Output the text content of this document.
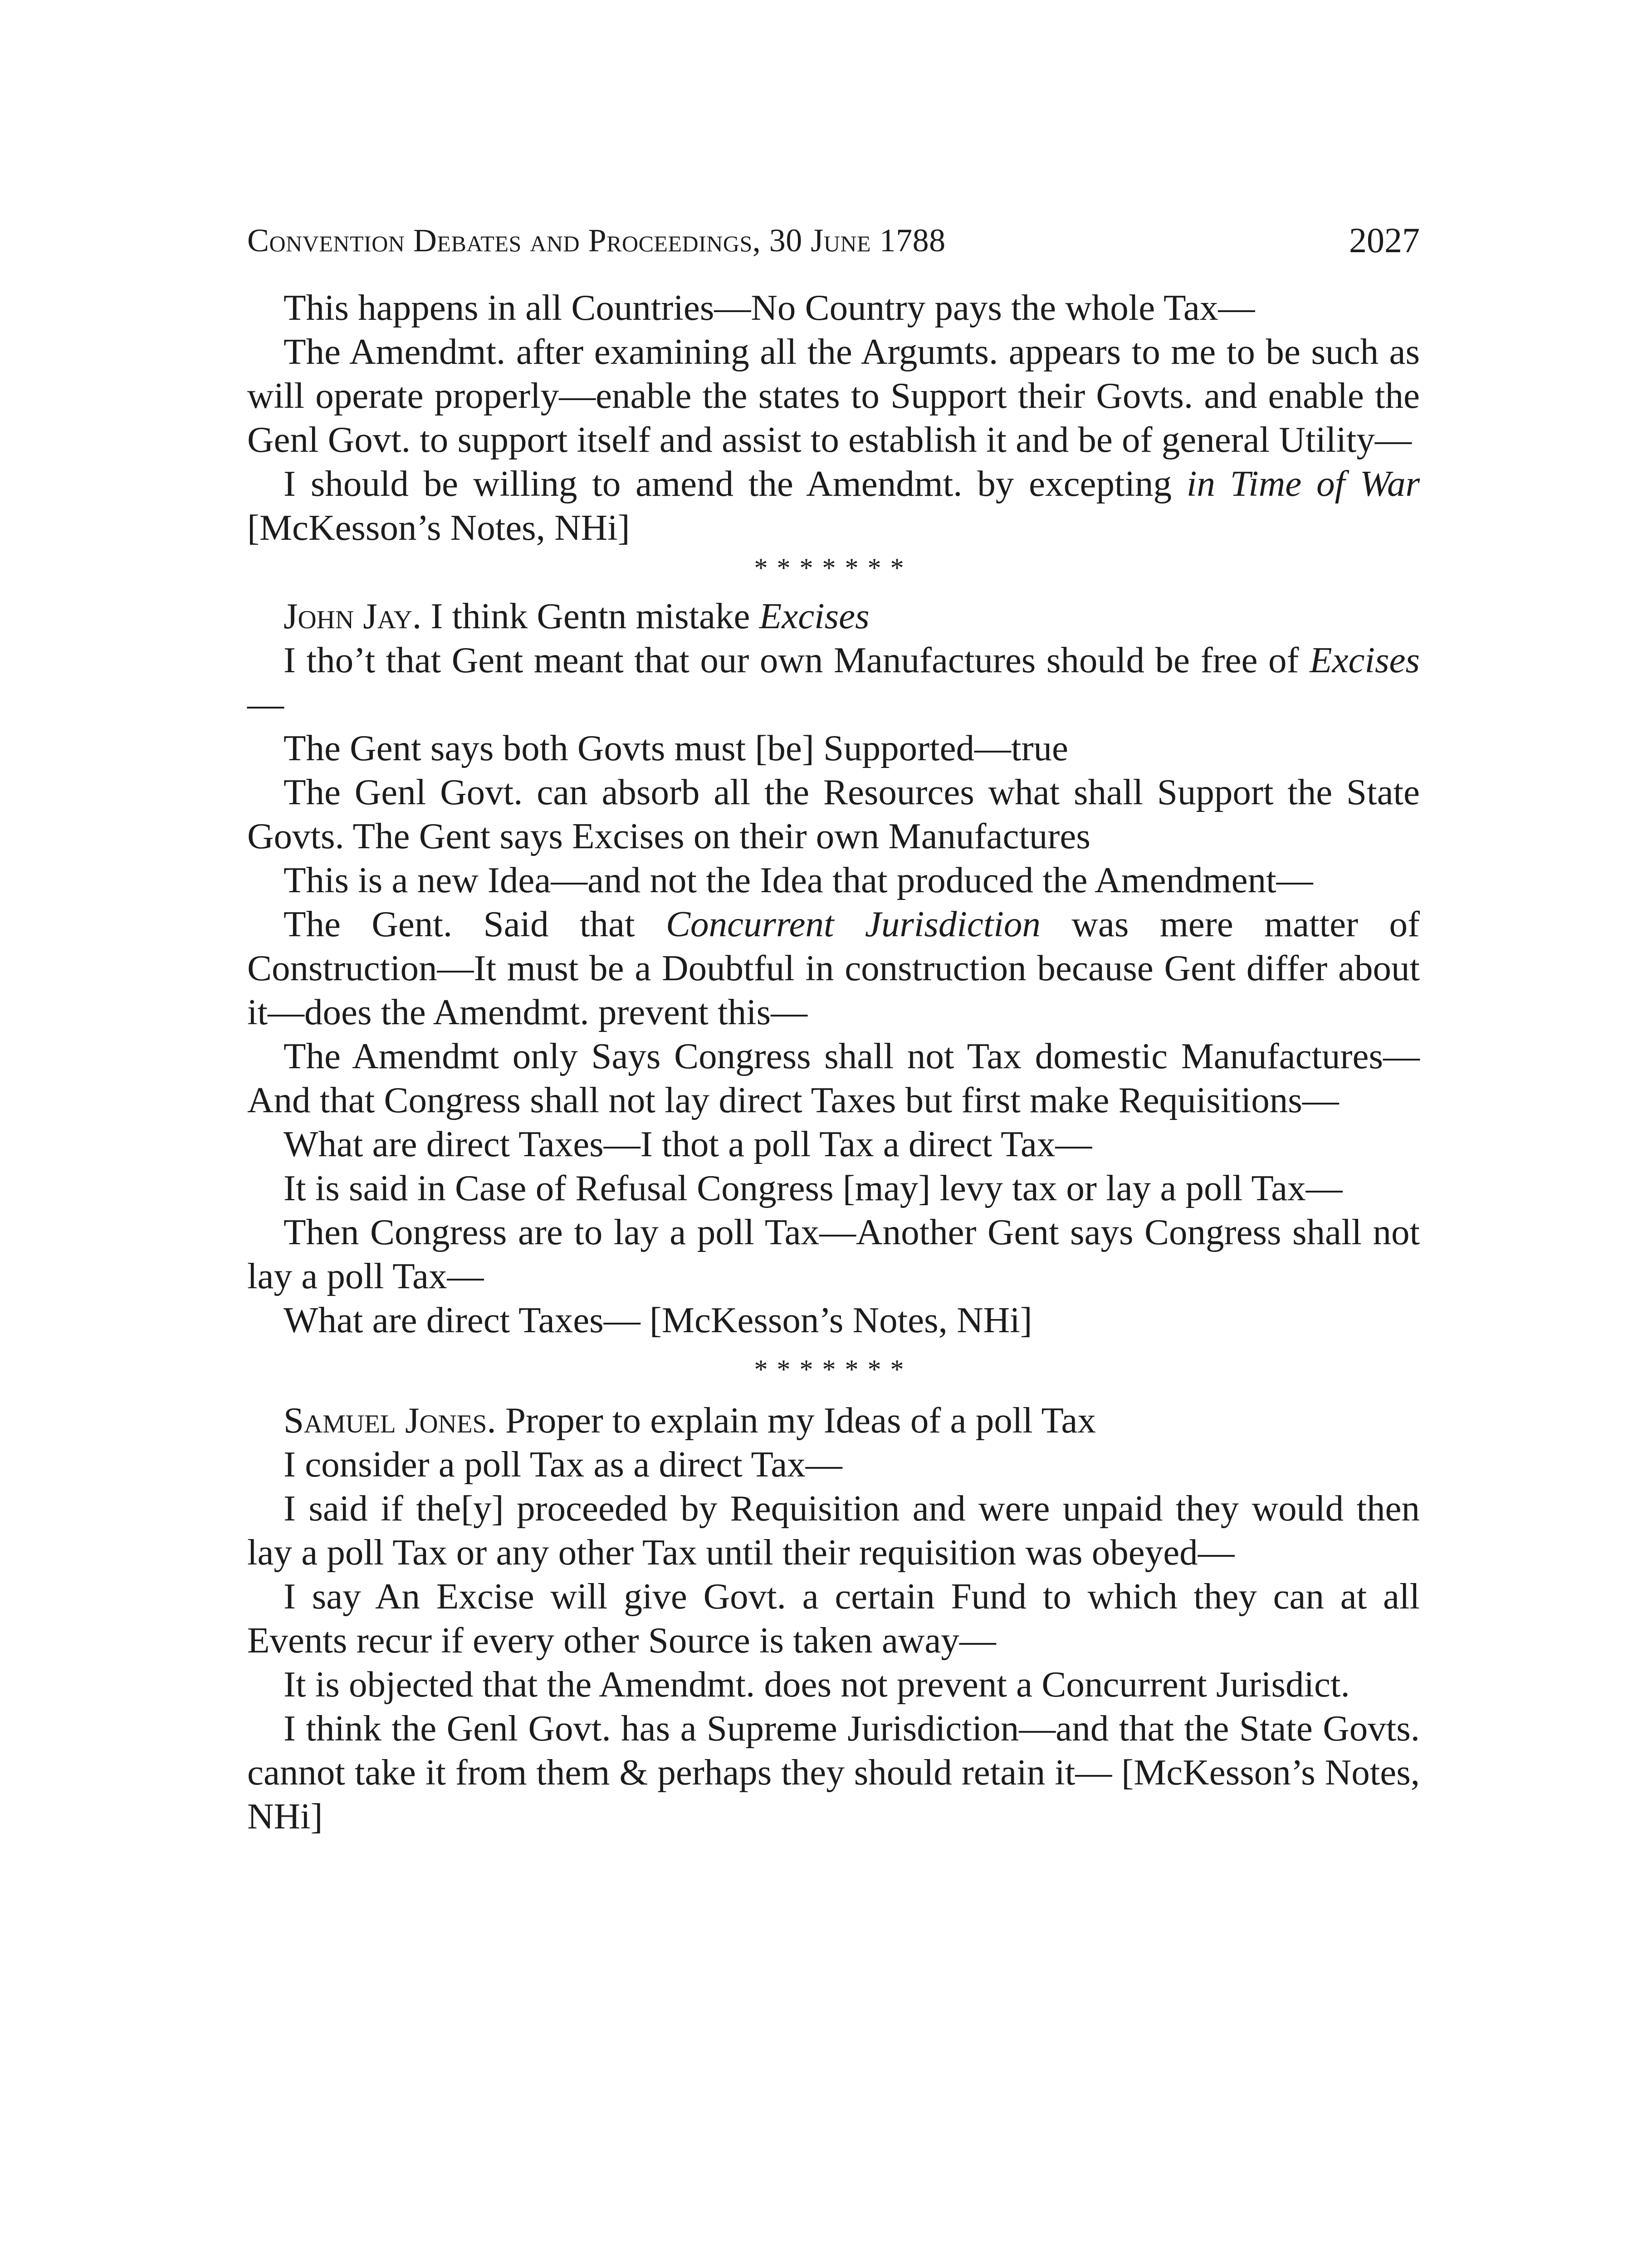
Convention Debates and Proceedings, 30 June 1788	2027

This happens in all Countries—No Country pays the whole Tax—

The Amendmt. after examining all the Argumts. appears to me to be such as will operate properly—enable the states to Support their Govts. and enable the Genl Govt. to support itself and assist to establish it and be of general Utility—

I should be willing to amend the Amendmt. by excepting in Time of War [McKesson’s Notes, NHi]

*******

John Jay. I think Gentn mistake Excises

I tho’t that Gent meant that our own Manufactures should be free of Excises—

The Gent says both Govts must [be] Supported—true

The Genl Govt. can absorb all the Resources what shall Support the State Govts. The Gent says Excises on their own Manufactures

This is a new Idea—and not the Idea that produced the Amendment—

The Gent. Said that Concurrent Jurisdiction was mere matter of Construction—It must be a Doubtful in construction because Gent differ about it—does the Amendmt. prevent this—

The Amendmt only Says Congress shall not Tax domestic Manufactures—And that Congress shall not lay direct Taxes but first make Requisitions—

What are direct Taxes—I thot a poll Tax a direct Tax—

It is said in Case of Refusal Congress [may] levy tax or lay a poll Tax—

Then Congress are to lay a poll Tax—Another Gent says Congress shall not lay a poll Tax—

What are direct Taxes— [McKesson’s Notes, NHi]

*******

Samuel Jones. Proper to explain my Ideas of a poll Tax

I consider a poll Tax as a direct Tax—

I said if the[y] proceeded by Requisition and were unpaid they would then lay a poll Tax or any other Tax until their requisition was obeyed—

I say An Excise will give Govt. a certain Fund to which they can at all Events recur if every other Source is taken away—

It is objected that the Amendmt. does not prevent a Concurrent Jurisdict.

I think the Genl Govt. has a Supreme Jurisdiction—and that the State Govts. cannot take it from them & perhaps they should retain it— [McKesson’s Notes, NHi]
